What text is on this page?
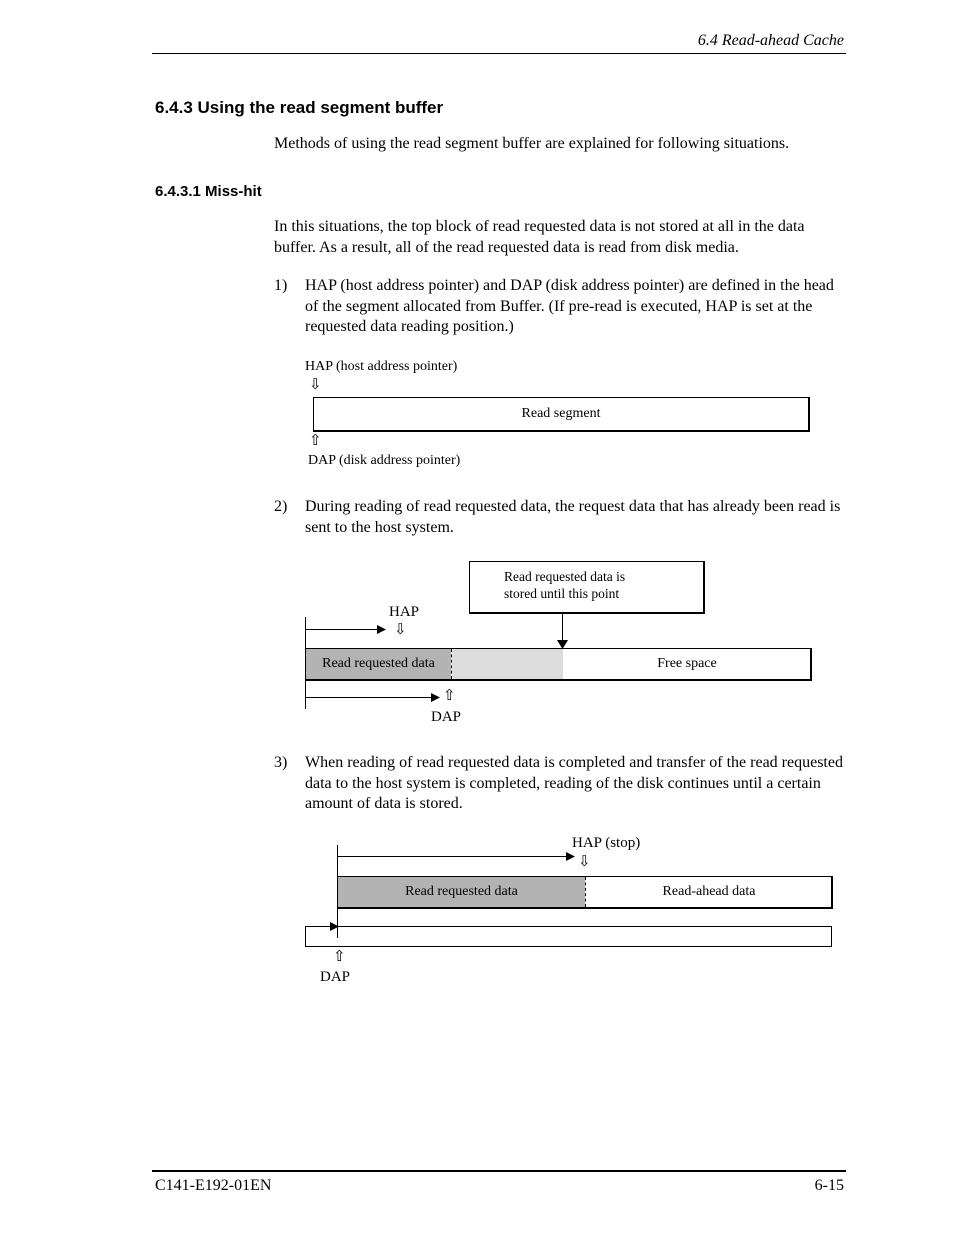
6.4 Read-ahead Cache
6.4.3 Using the read segment buffer
Methods of using the read segment buffer are explained for following situations.
6.4.3.1 Miss-hit
In this situations, the top block of read requested data is not stored at all in the data buffer. As a result, all of the read requested data is read from disk media.
1) HAP (host address pointer) and DAP (disk address pointer) are defined in the head of the segment allocated from Buffer. (If pre-read is executed, HAP is set at the requested data reading position.)
HAP (host address pointer)
⇩
Read segment
⇧
DAP (disk address pointer)
2) During reading of read requested data, the request data that has already been read is sent to the host system.
Read requested data is
stored until this point
HAP
⇩
Read requested data	Free space
⇧
DAP
3) When reading of read requested data is completed and transfer of the read requested data to the host system is completed, reading of the disk continues until a certain amount of data is stored.
HAP (stop)
⇩
Read requested data	Read-ahead data
⇧
DAP
C141-E192-01EN	6-15
